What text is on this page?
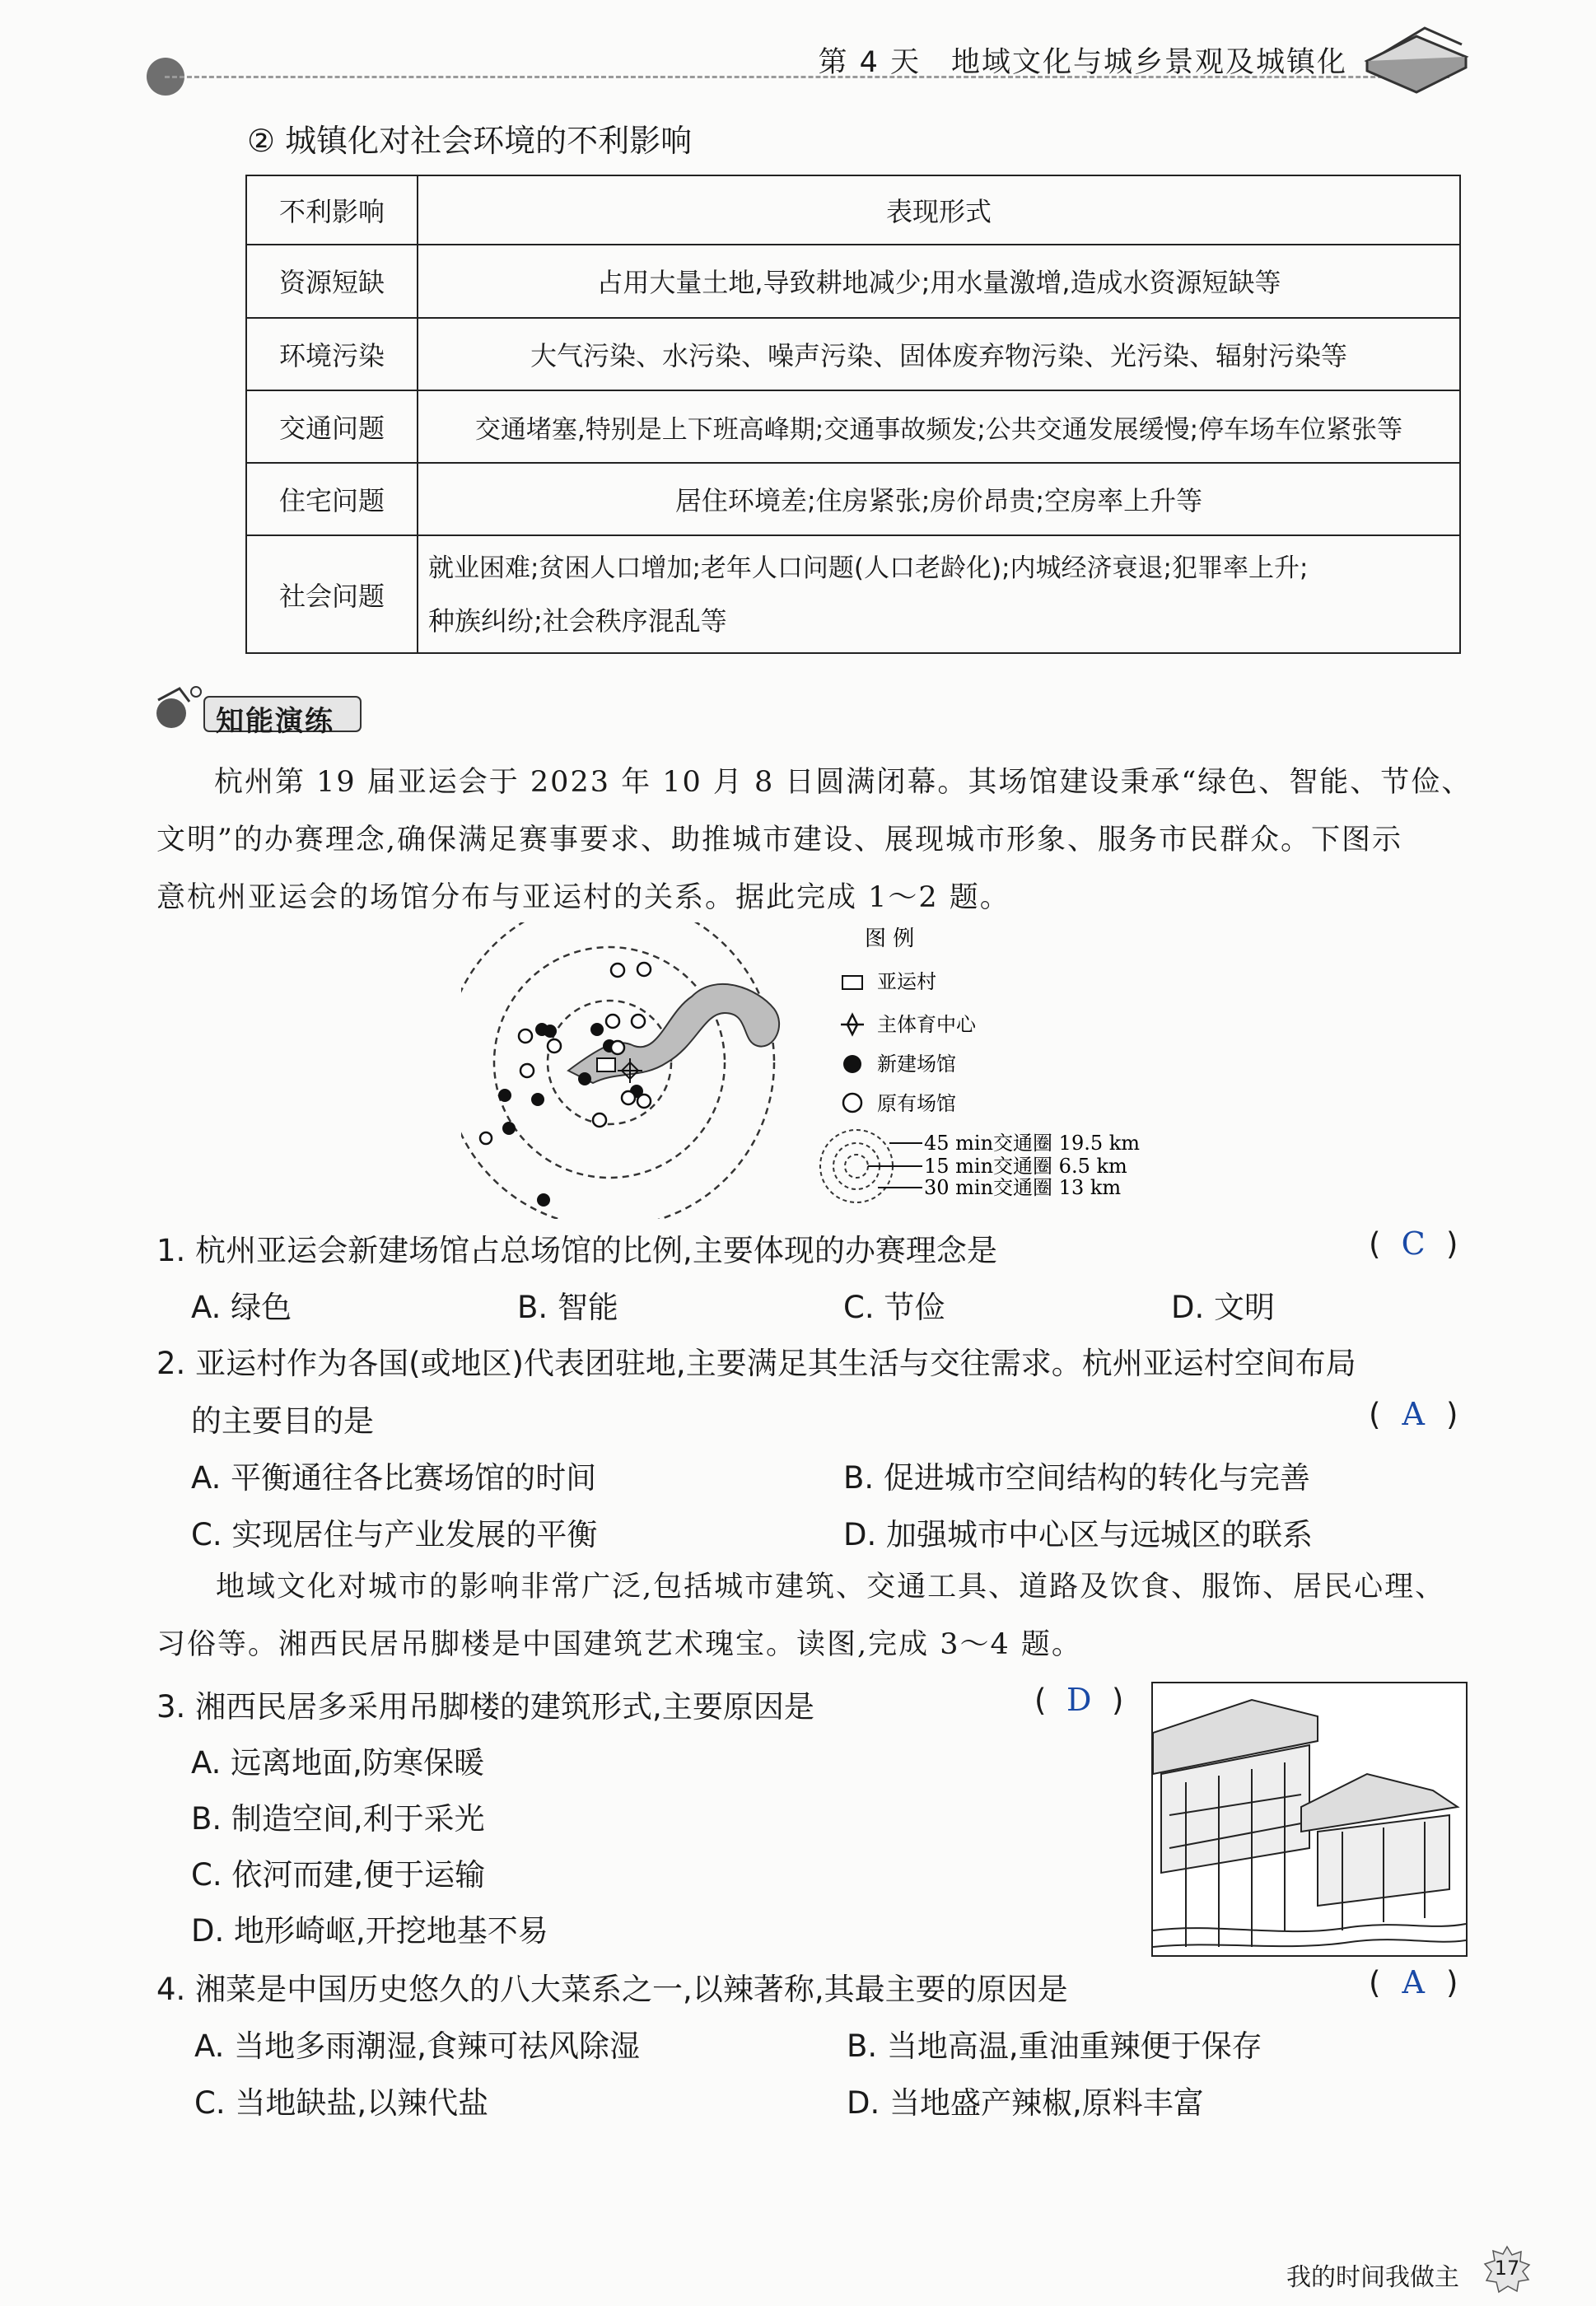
第 4 天　地域文化与城乡景观及城镇化
② 城镇化对社会环境的不利影响
不利影响	表现形式
资源短缺	占用大量土地,导致耕地减少;用水量激增,造成水资源短缺等
环境污染	大气污染、水污染、噪声污染、固体废弃物污染、光污染、辐射污染等
交通问题	交通堵塞,特别是上下班高峰期;交通事故频发;公共交通发展缓慢;停车场车位紧张等
住宅问题	居住环境差;住房紧张;房价昂贵;空房率上升等
社会问题	就业困难;贫困人口增加;老年人口问题(人口老龄化);内城经济衰退;犯罪率上升;
种族纠纷;社会秩序混乱等
知能演练
杭州第 19 届亚运会于 2023 年 10 月 8 日圆满闭幕。其场馆建设秉承“绿色、智能、节俭、
文明”的办赛理念,确保满足赛事要求、助推城市建设、展现城市形象、服务市民群众。下图示
意杭州亚运会的场馆分布与亚运村的关系。据此完成 1～2 题。
图 例
亚运村
主体育中心
新建场馆
原有场馆
45 min交通圈 19.5 km
15 min交通圈 6.5 km
30 min交通圈 13 km
1. 杭州亚运会新建场馆占总场馆的比例,主要体现的办赛理念是	( C )
A. 绿色	B. 智能	C. 节俭	D. 文明
2. 亚运村作为各国(或地区)代表团驻地,主要满足其生活与交往需求。杭州亚运村空间布局
的主要目的是	( A )
A. 平衡通往各比赛场馆的时间	B. 促进城市空间结构的转化与完善
C. 实现居住与产业发展的平衡	D. 加强城市中心区与远城区的联系
地域文化对城市的影响非常广泛,包括城市建筑、交通工具、道路及饮食、服饰、居民心理、
习俗等。湘西民居吊脚楼是中国建筑艺术瑰宝。读图,完成 3～4 题。
3. 湘西民居多采用吊脚楼的建筑形式,主要原因是	( D )
A. 远离地面,防寒保暖
B. 制造空间,利于采光
C. 依河而建,便于运输
D. 地形崎岖,开挖地基不易
4. 湘菜是中国历史悠久的八大菜系之一,以辣著称,其最主要的原因是	( A )
A. 当地多雨潮湿,食辣可祛风除湿	B. 当地高温,重油重辣便于保存
C. 当地缺盐,以辣代盐	D. 当地盛产辣椒,原料丰富
我的时间我做主	17
